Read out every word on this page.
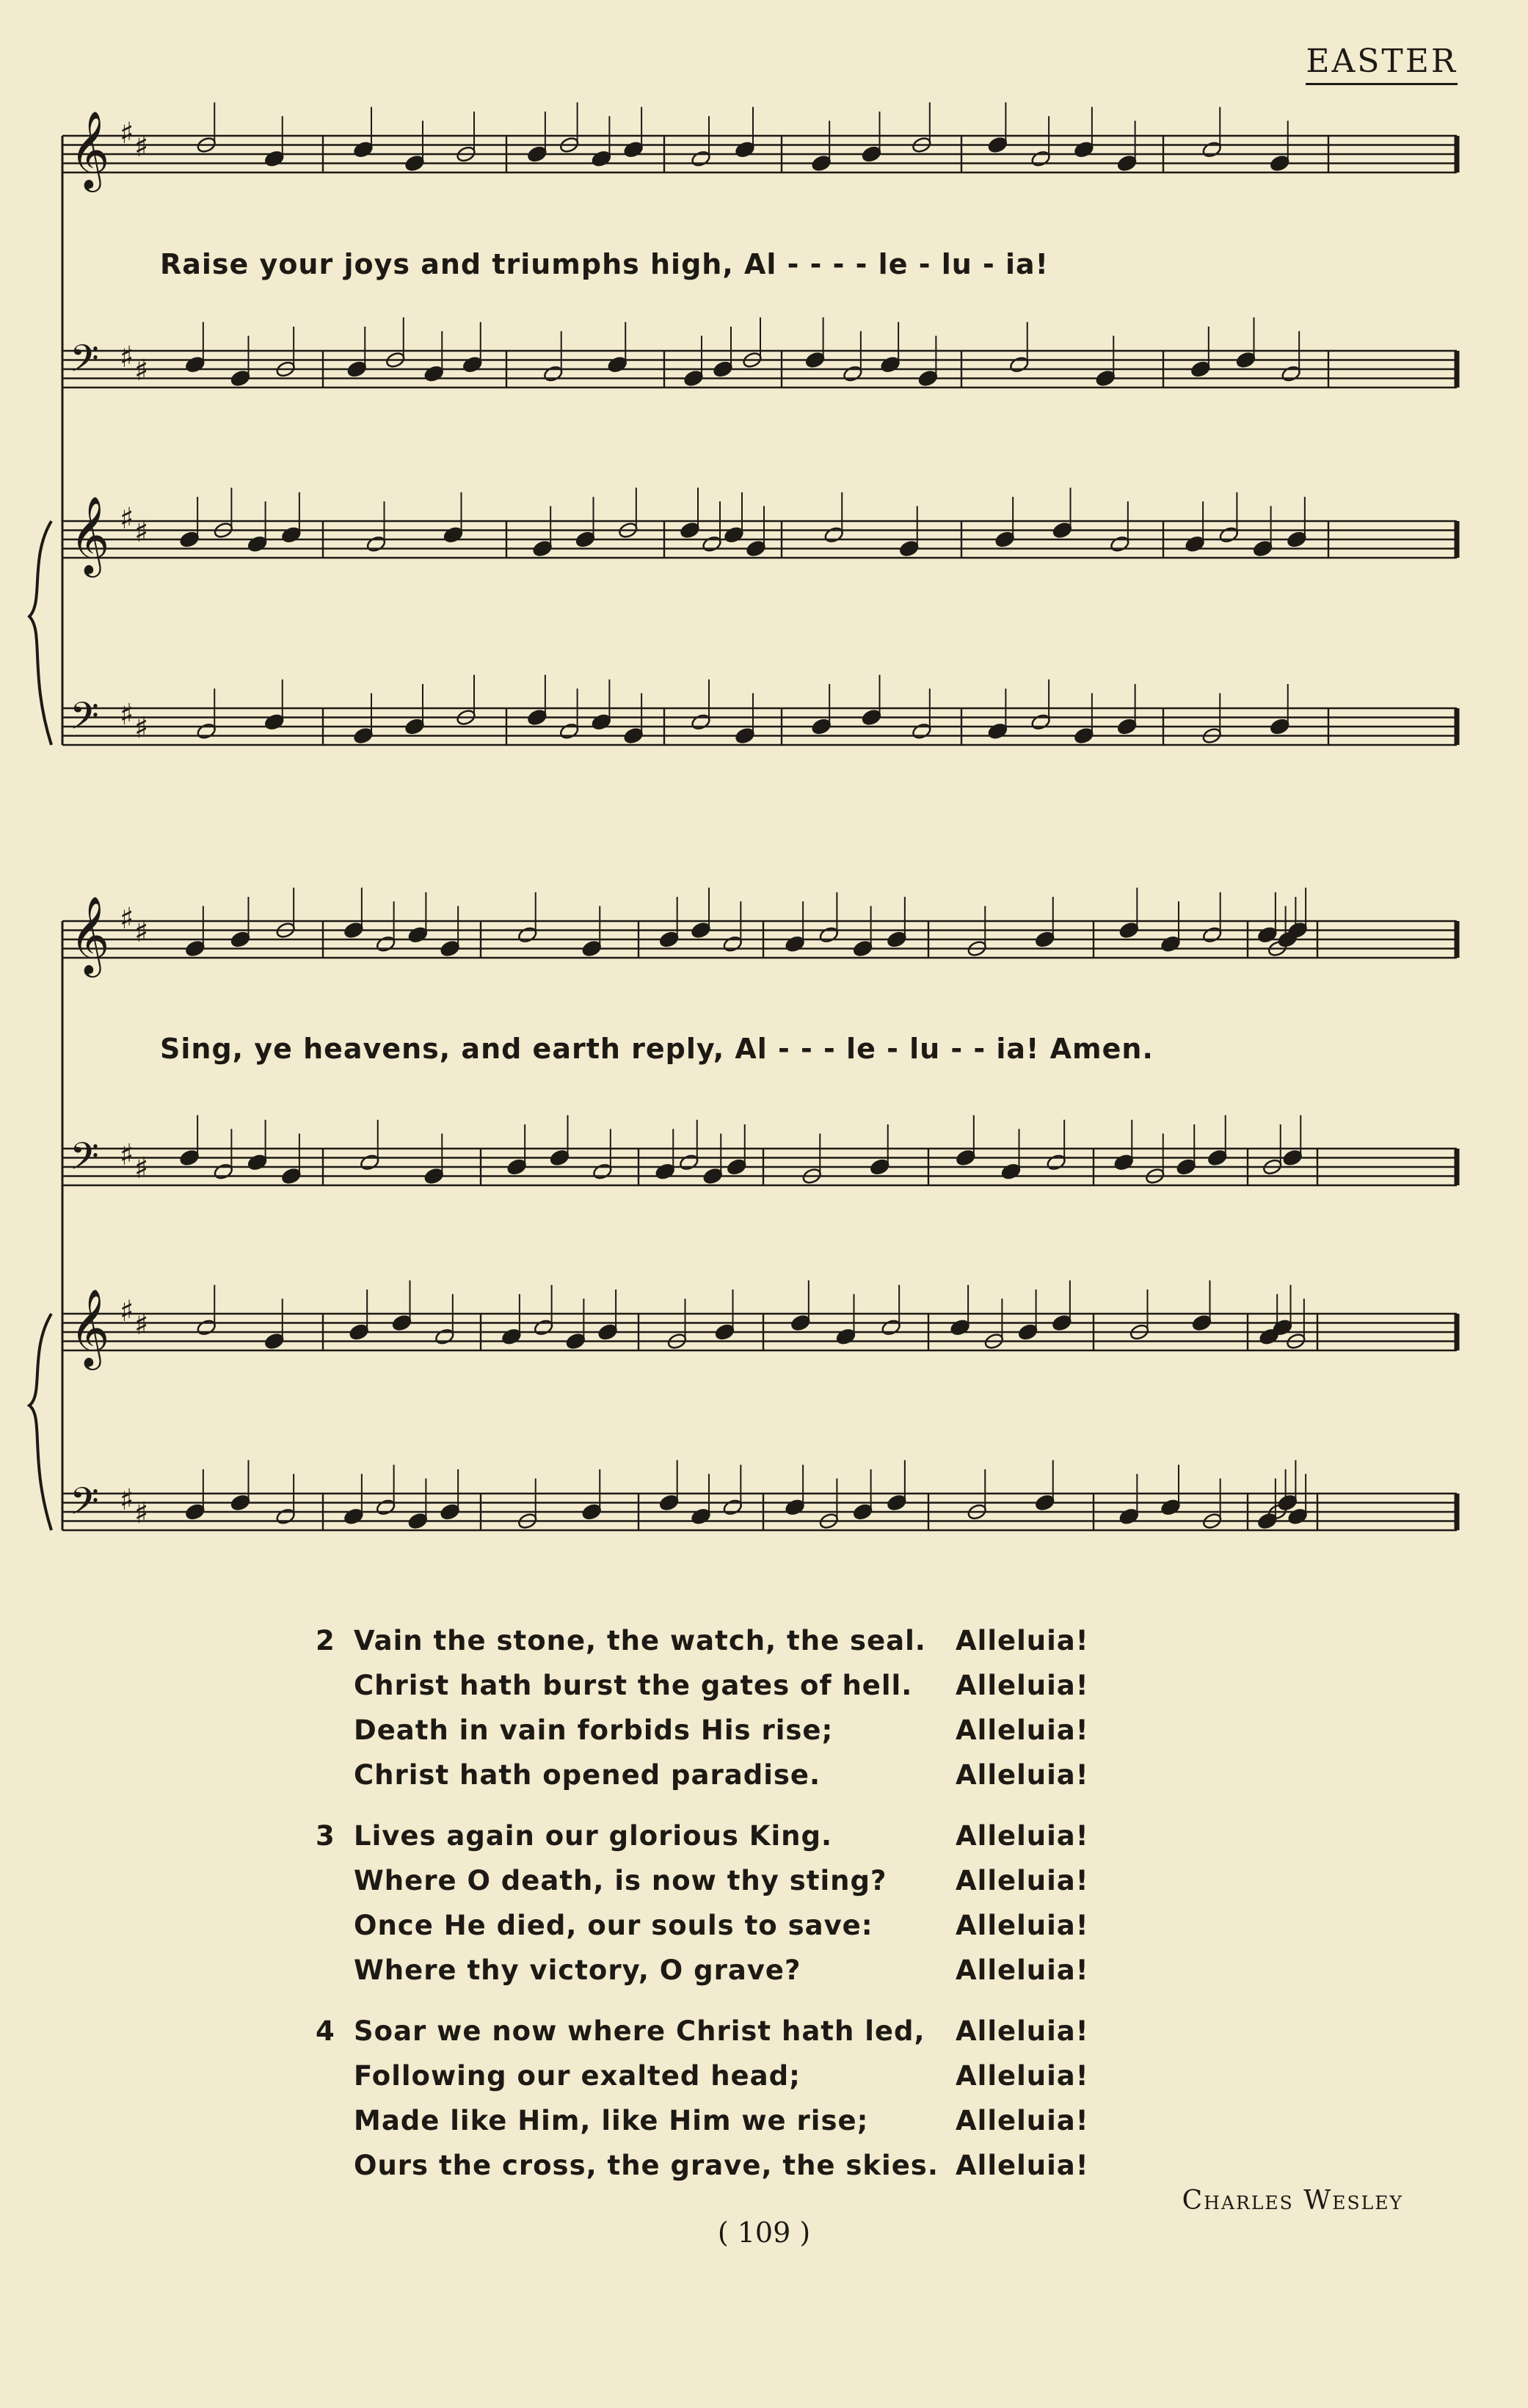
EASTER
𝄞 ♯ ♯
𝄢 ♯ ♯
𝄞 ♯ ♯
𝄢 ♯ ♯
𝄞 ♯ ♯
𝄢 ♯ ♯
𝄞 ♯ ♯
𝄢 ♯ ♯
Raise your joys and triumphs high, Al - - - - le - lu - ia!
Sing, ye heavens, and earth reply, Al - - - le - lu - - ia! Amen.
2 Vain the stone, the watch, the seal.	Alleluia!
Christ hath burst the gates of hell.	Alleluia!
Death in vain forbids His rise;	Alleluia!
Christ hath opened paradise.	Alleluia!
3 Lives again our glorious King.	Alleluia!
Where O death, is now thy sting?	Alleluia!
Once He died, our souls to save:	Alleluia!
Where thy victory, O grave?	Alleluia!
4 Soar we now where Christ hath led,	Alleluia!
Following our exalted head;	Alleluia!
Made like Him, like Him we rise;	Alleluia!
Ours the cross, the grave, the skies. Alleluia!
Charles Wesley
( 109 )
